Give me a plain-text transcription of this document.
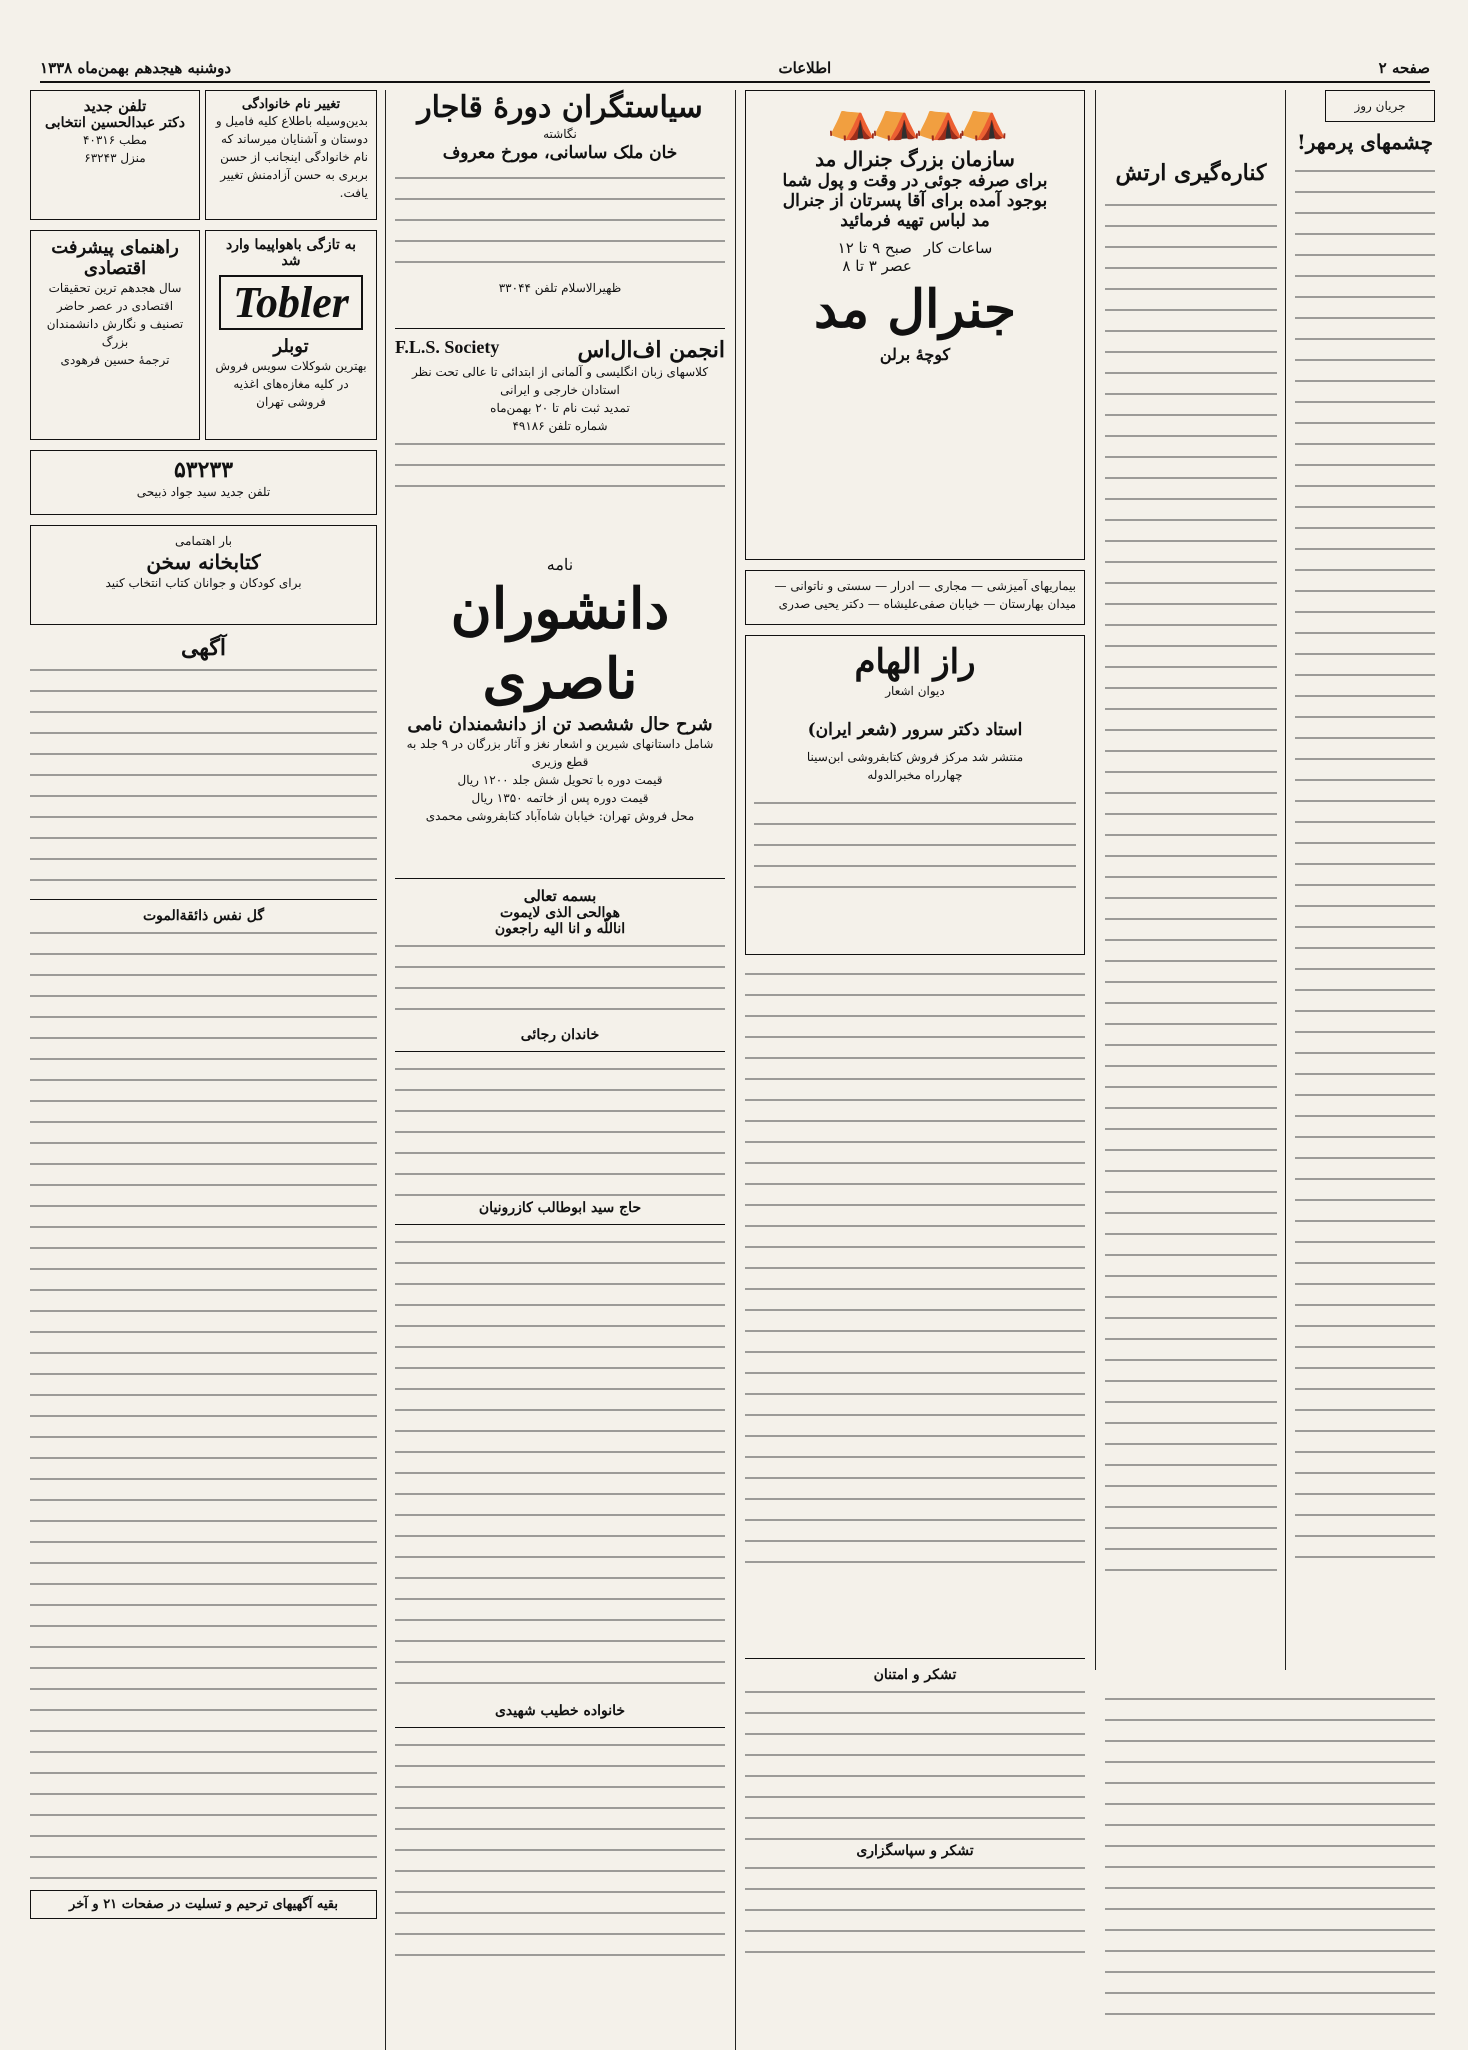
صفحه ۲
اطلاعات
دوشنبه هیجدهم بهمن‌ماه ۱۳۳۸
جریان روز
چشمهای پرمهر!
کناره‌گیری ارتش
⛺⛺⛺⛺
سازمان بزرگ جنرال مد
برای صرفه جوئی در وقت و پول شما
بوجود آمده برای آقا پسرتان از جنرال
مد لباس تهیه فرمائید
ساعات کار
صبح ۹ تا ۱۲
عصر ۳ تا ۸
جنرال مد
کوچهٔ برلن
بیماریهای آمیزشی — مجاری — ادرار — سستی و ناتوانی — میدان بهارستان — خیابان صفی‌علیشاه — دکتر یحیی صدری
راز الهام
دیوان اشعار
استاد دکتر سرور (شعر ایران)
منتشر شد مرکز فروش کتابفروشی ابن‌سینا
چهارراه مخبرالدوله
سیاستگران دورهٔ قاجار
نگاشته
خان ملک ساسانی، مورخ معروف
ظهیرالاسلام تلفن ۳۳۰۴۴
انجمن اف‌ال‌اس
F.L.S. Society
کلاسهای زبان انگلیسی و آلمانی از ابتدائی تا عالی تحت نظر استادان خارجی و ایرانی
تمدید ثبت نام تا ۲۰ بهمن‌ماه
شماره تلفن ۴۹۱۸۶
نامه
دانشوران ناصری
شرح حال ششصد تن از دانشمندان نامی
شامل داستانهای شیرین و اشعار نغز و آثار بزرگان در ۹ جلد به قطع وزیری
قیمت دوره با تحویل شش جلد ۱۲۰۰ ریال
قیمت دوره پس از خاتمه ۱۳۵۰ ریال
محل فروش تهران: خیابان شاه‌آباد کتابفروشی محمدی
بسمه تعالی
هوالحی الذی لایموت
اناللّه و انا الیه راجعون
خاندان رجائی
حاج سید ابوطالب کازرونیان
خانواده خطیب شهیدی
تشکر و امتنان
تشکر و سپاسگزاری
تغییر نام خانوادگی
بدین‌وسیله باطلاع کلیه فامیل و دوستان و آشنایان میرساند که نام خانوادگی اینجانب از حسن بربری به حسن آزادمنش تغییر یافت.
به تازگی باهواپیما وارد شد
Tobler
توبلر
بهترین شوکلات سویس فروش در کلیه مغازه‌های اغذیه فروشی تهران
تلفن جدید
دکتر عبدالحسین انتخابی
مطب ۴۰۳۱۶
منزل ۶۳۲۴۳
راهنمای پیشرفت اقتصادی
سال هجدهم ترین تحقیقات اقتصادی در عصر حاضر
تصنیف و نگارش دانشمندان بزرگ
ترجمهٔ حسین فرهودی
۵۳۲۳۳
تلفن جدید سید جواد ذبیحی
بار اهتمامی
کتابخانه سخن
برای کودکان و جوانان کتاب انتخاب کنید
آگهی
گل نفس ذائقةالموت
بقیه آگهیهای ترحیم و تسلیت در صفحات ۲۱ و آخر
